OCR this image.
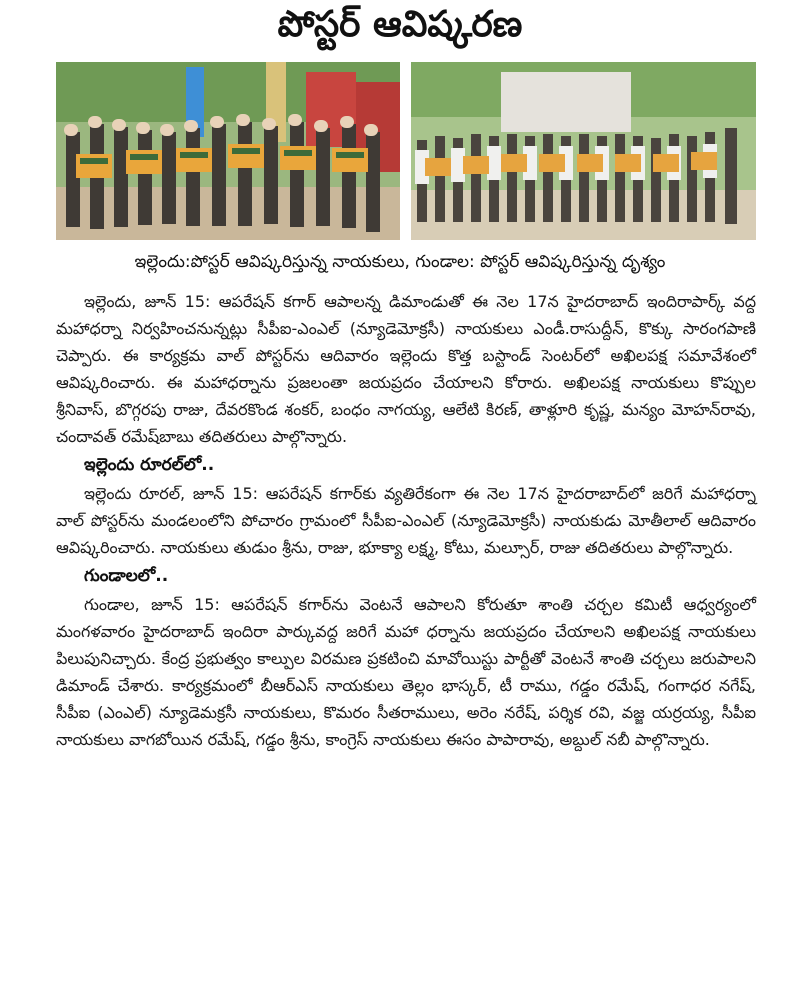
పోస్టర్ ఆవిష్కరణ
ఇల్లెందు:పోస్టర్ ఆవిష్కరిస్తున్న నాయకులు, గుండాల: పోస్టర్ ఆవిష్కరిస్తున్న దృశ్యం

ఇల్లెందు, జూన్ 15: ఆపరేషన్ కగార్ ఆపాలన్న డిమాండుతో ఈ నెల 17న హైదరాబాద్ ఇందిరాపార్క్ వద్ద మహాధర్నా నిర్వహించనున్నట్లు సీపీఐ-ఎంఎల్ (న్యూడెమోక్రసీ) నాయకులు ఎండీ.రాసుద్దీన్, కొక్కు సారంగపాణి చెప్పారు. ఈ కార్యక్రమ వాల్ పోస్టర్‌ను ఆదివారం ఇల్లెందు కొత్త బస్టాండ్ సెంటర్‌లో అఖిలపక్ష సమావేశంలో ఆవిష్కరించారు. ఈ మహాధర్నాను ప్రజలంతా జయప్రదం చేయాలని కోరారు. అఖిలపక్ష నాయకులు కొప్పుల శ్రీనివాస్, బొగ్గరపు రాజు, దేవరకొండ శంకర్, బంధం నాగయ్య, ఆలేటి కిరణ్, తాళ్లూరి కృష్ణ, మన్యం మోహన్‌రావు, చందావత్ రమేష్‌బాబు తదితరులు పాల్గొన్నారు.

ఇల్లెందు రూరల్‌లో..

ఇల్లెందు రూరల్, జూన్ 15: ఆపరేషన్ కగార్‌కు వ్యతిరేకంగా ఈ నెల 17న హైదరాబాద్‌లో జరిగే మహాధర్నా వాల్ పోస్టర్‌ను మండలంలోని పోచారం గ్రామంలో సీపీఐ-ఎంఎల్ (న్యూడెమోక్రసీ) నాయకుడు మోతీలాల్ ఆదివారం ఆవిష్కరించారు. నాయకులు తుడుం శ్రీను, రాజు, భూక్యా లక్ష్మ, కోటు, మల్సూర్, రాజు తదితరులు పాల్గొన్నారు.

గుండాలలో..

గుండాల, జూన్ 15: ఆపరేషన్ కగార్‌ను వెంటనే ఆపాలని కోరుతూ శాంతి చర్చల కమిటీ ఆధ్వర్యంలో మంగళవారం హైదరాబాద్ ఇందిరా పార్కువద్ద జరిగే మహా ధర్నాను జయప్రదం చేయాలని అఖిలపక్ష నాయకులు పిలుపునిచ్చారు. కేంద్ర ప్రభుత్వం కాల్పుల విరమణ ప్రకటించి మావోయిస్టు పార్టీతో వెంటనే శాంతి చర్చలు జరుపాలని డిమాండ్ చేశారు. కార్యక్రమంలో బీఆర్ఎస్ నాయకులు తెల్లం భాస్కర్, టీ రాము, గడ్డం రమేష్, గంగాధర నగేష్, సీపీఐ (ఎంఎల్) న్యూడెమక్రసీ నాయకులు, కొమరం సీతరాములు, అరెం నరేష్, పర్శిక రవి, వజ్జ యర్రయ్య, సీపీఐ నాయకులు వాగబోయిన రమేష్, గడ్డం శ్రీను, కాంగ్రెస్ నాయకులు ఈసం పాపారావు, అబ్దుల్ నబీ పాల్గొన్నారు.
